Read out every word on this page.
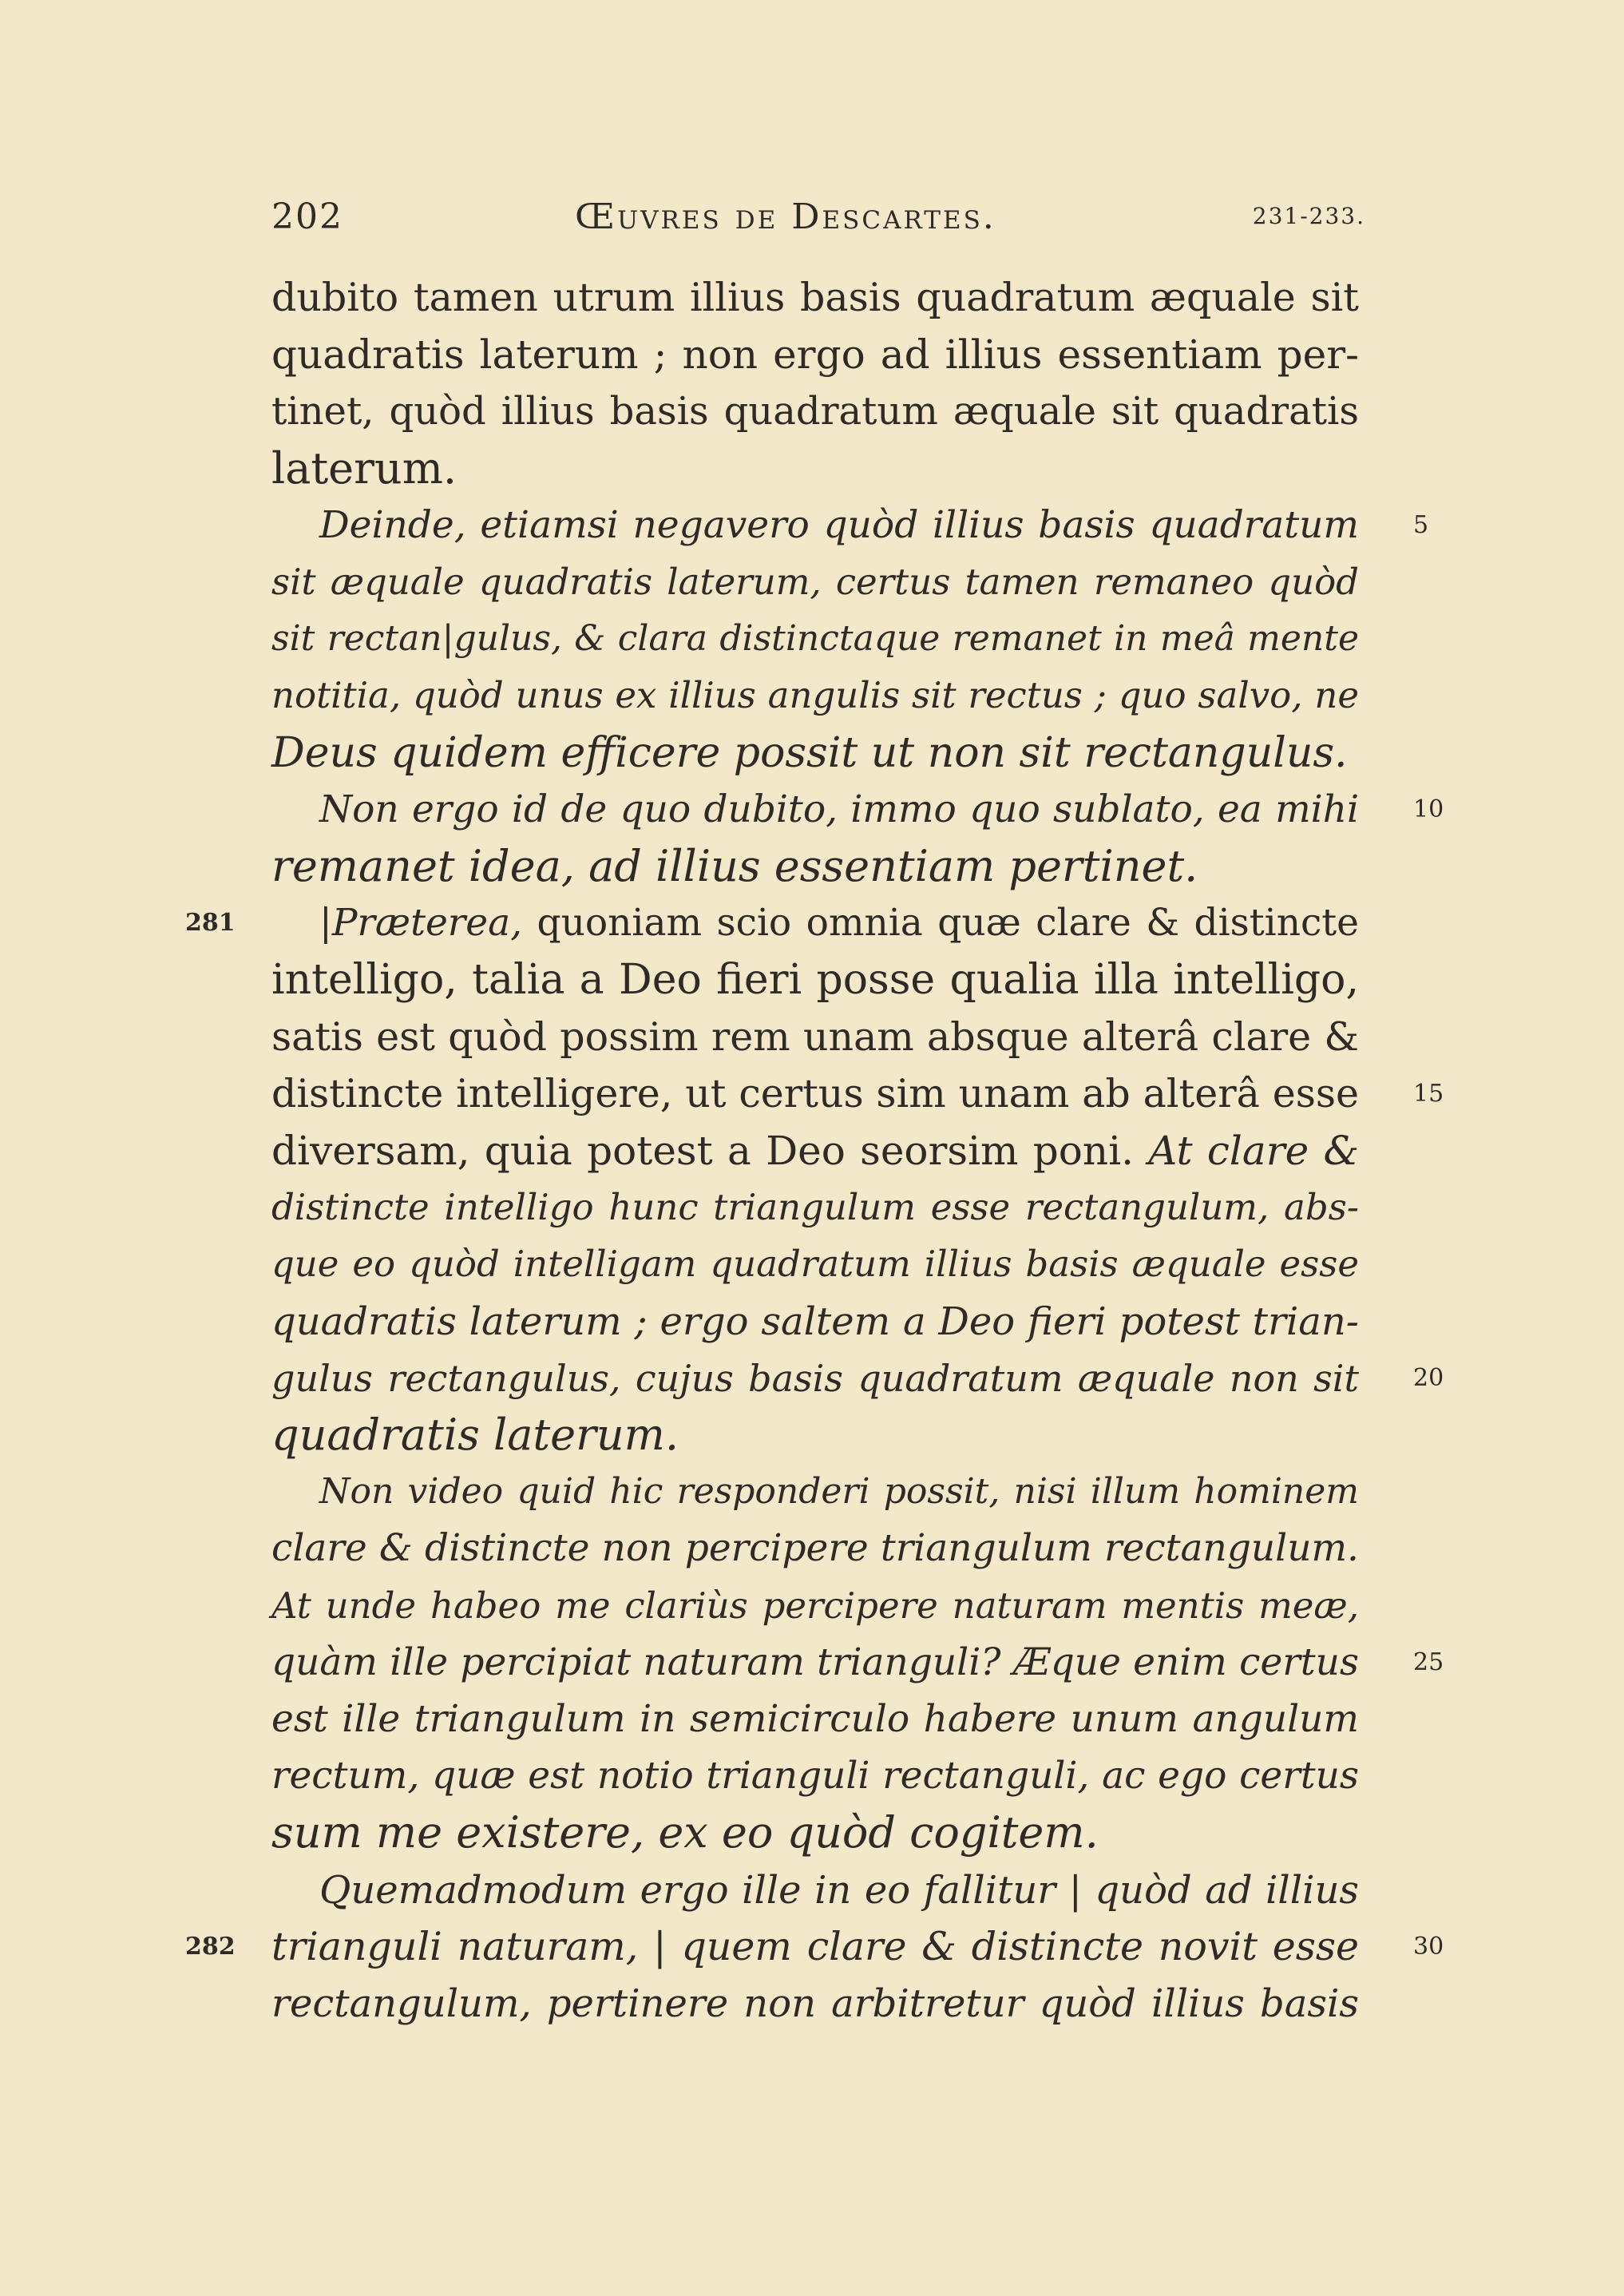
202	Œuvres de Descartes.	231-233.
dubito tamen utrum illius basis quadratum æquale sit
quadratis laterum ; non ergo ad illius essentiam per-
tinet, quòd illius basis quadratum æquale sit quadratis
laterum.
Deinde, etiamsi negavero quòd illius basis quadratum 5
sit æquale quadratis laterum, certus tamen remaneo quòd
sit rectan|gulus, & clara distinctaque remanet in meâ mente
notitia, quòd unus ex illius angulis sit rectus ; quo salvo, ne
Deus quidem efficere possit ut non sit rectangulus.
Non ergo id de quo dubito, immo quo sublato, ea mihi 10
remanet idea, ad illius essentiam pertinet.
|Præterea, quoniam scio omnia quæ clare & distincte
281
intelligo, talia a Deo fieri posse qualia illa intelligo,
satis est quòd possim rem unam absque alterâ clare &
distincte intelligere, ut certus sim unam ab alterâ esse 15
diversam, quia potest a Deo seorsim poni. At clare &
distincte intelligo hunc triangulum esse rectangulum, abs-
que eo quòd intelligam quadratum illius basis æquale esse
quadratis laterum ; ergo saltem a Deo fieri potest trian-
gulus rectangulus, cujus basis quadratum æquale non sit 20
quadratis laterum.
Non video quid hic responderi possit, nisi illum hominem
clare & distincte non percipere triangulum rectangulum.
At unde habeo me clariùs percipere naturam mentis meæ,
quàm ille percipiat naturam trianguli? Æque enim certus 25
est ille triangulum in semicirculo habere unum angulum
rectum, quæ est notio trianguli rectanguli, ac ego certus
sum me existere, ex eo quòd cogitem.
Quemadmodum ergo ille in eo fallitur | quòd ad illius
trianguli naturam, | quem clare & distincte novit esse 30
282
rectangulum, pertinere non arbitretur quòd illius basis
